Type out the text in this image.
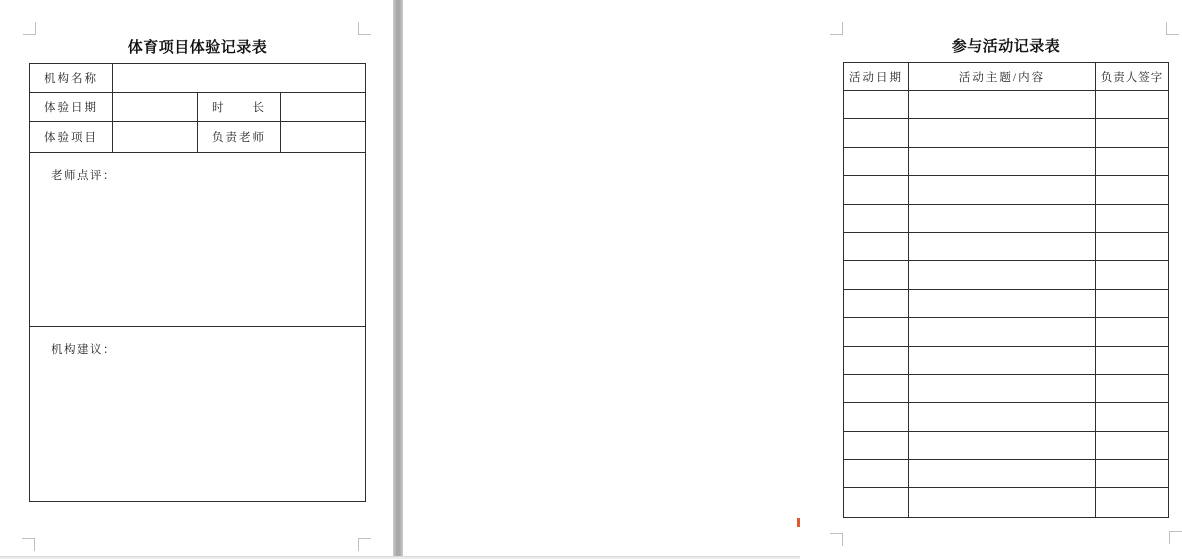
体育项目体验记录表
机构名称
体验日期	时　　长
体验项目	负责老师
老师点评：
机构建议：
参与活动记录表
活动日期	活动主题/内容	负责人签字
